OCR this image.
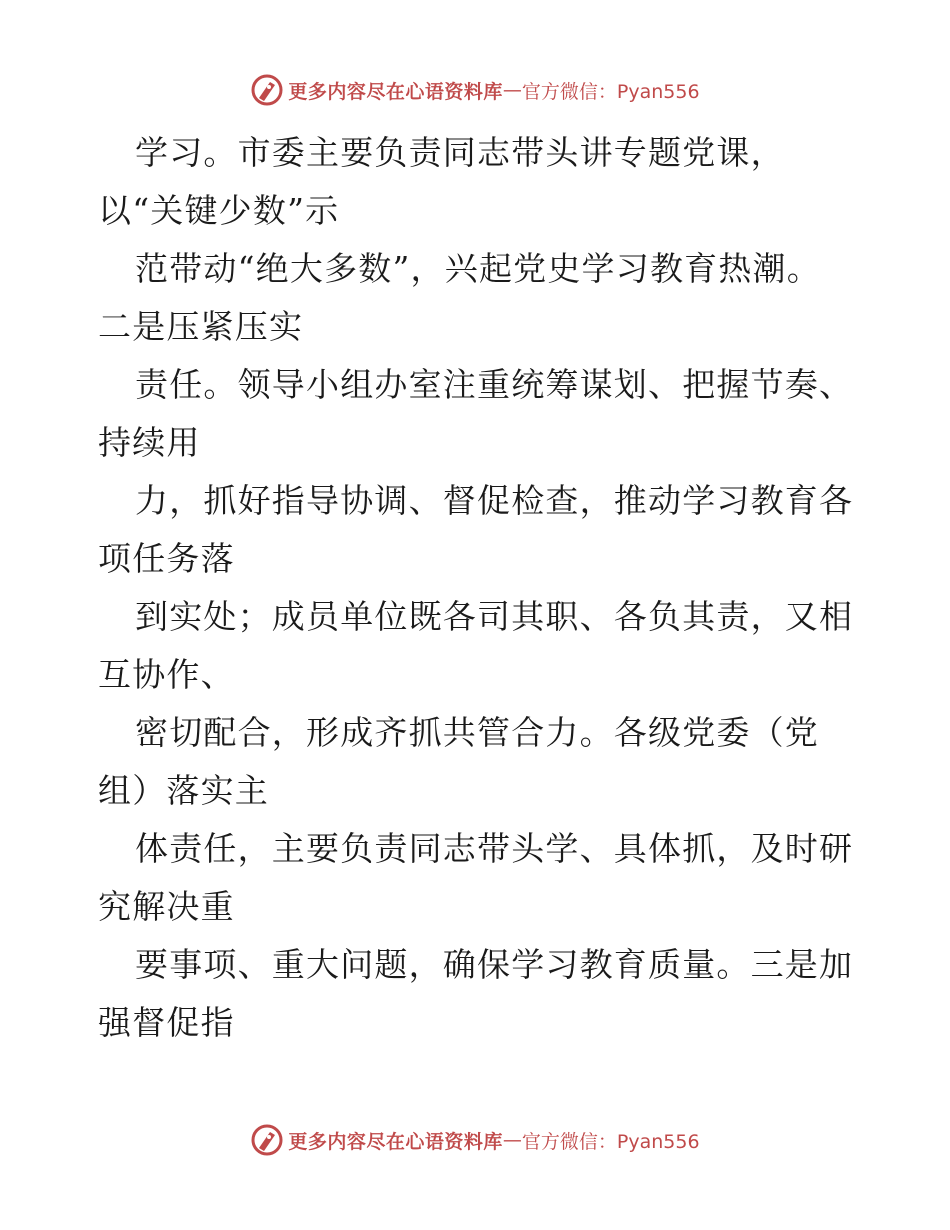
更多内容尽在心语资料库 — 官方微信：Pyan556
学习。市委主要负责同志带头讲专题党课，
以“关键少数”示
范带动“绝大多数”，兴起党史学习教育热潮。
二是压紧压实
责任。领导小组办室注重统筹谋划、把握节奏、
持续用
力，抓好指导协调、督促检查，推动学习教育各
项任务落
到实处；成员单位既各司其职、各负其责，又相
互协作、
密切配合，形成齐抓共管合力。各级党委（党
组）落实主
体责任，主要负责同志带头学、具体抓，及时研
究解决重
要事项、重大问题，确保学习教育质量。三是加
强督促指
更多内容尽在心语资料库 — 官方微信：Pyan556
